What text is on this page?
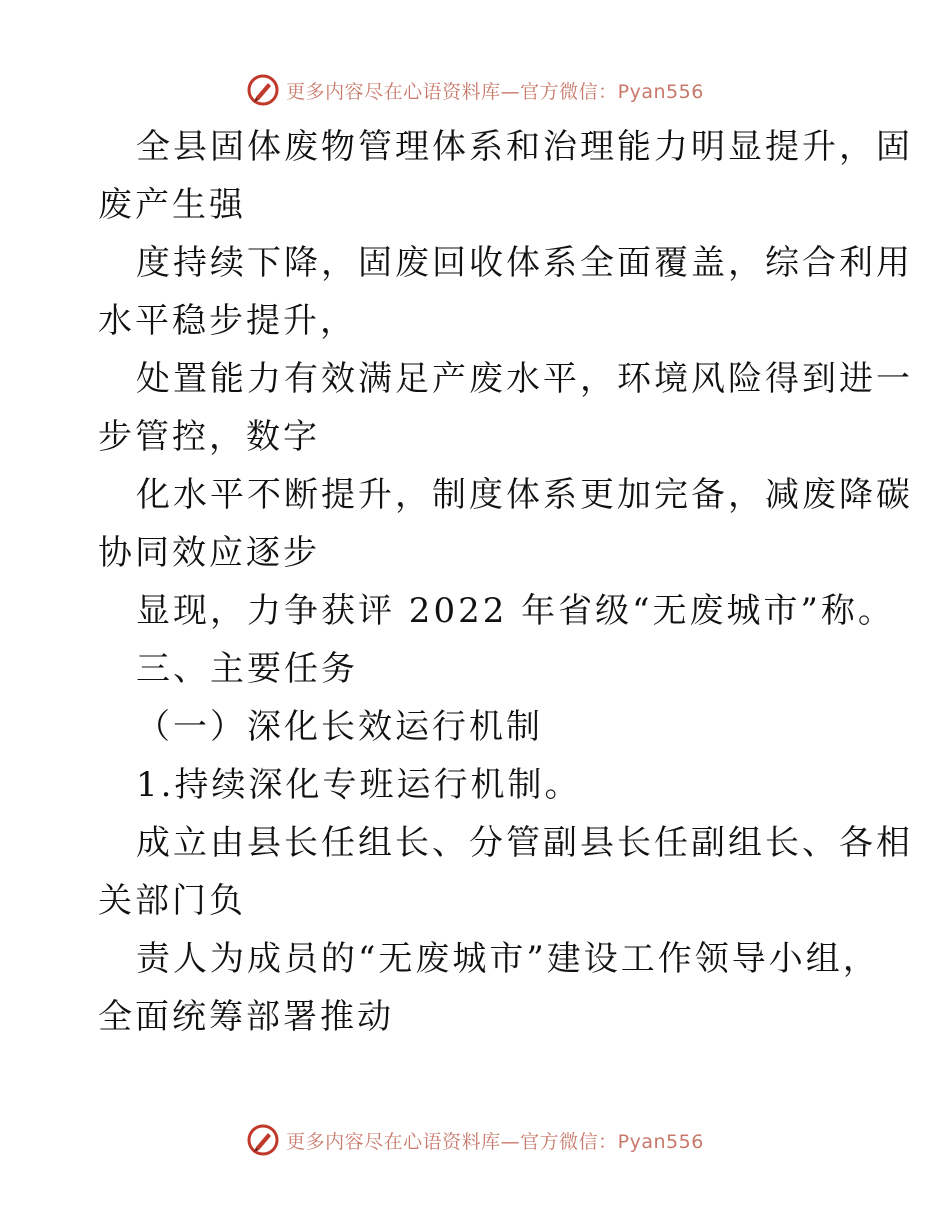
更多内容尽在心语资料库—官方微信：Pyan556
全县固体废物管理体系和治理能力明显提升，固
废产生强
度持续下降，固废回收体系全面覆盖，综合利用
水平稳步提升，
处置能力有效满足产废水平，环境风险得到进一
步管控，数字
化水平不断提升，制度体系更加完备，减废降碳
协同效应逐步
显现，力争获评 2022 年省级“无废城市”称。
三、主要任务
（一）深化长效运行机制
1.持续深化专班运行机制。
成立由县长任组长、分管副县长任副组长、各相
关部门负
责人为成员的“无废城市”建设工作领导小组，
全面统筹部署推动
更多内容尽在心语资料库—官方微信：Pyan556
